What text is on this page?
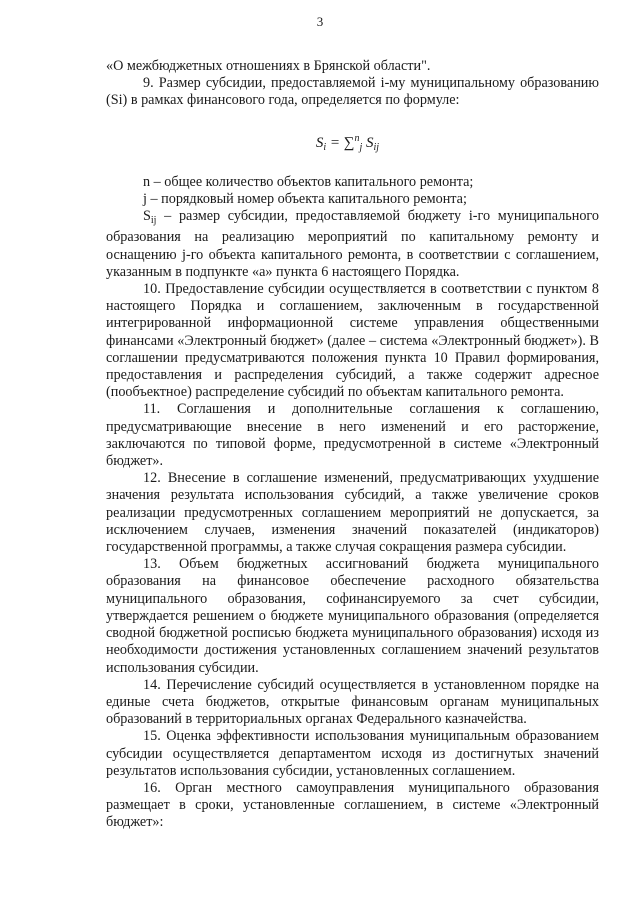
3

«О межбюджетных отношениях в Брянской области".

9. Размер субсидии, предоставляемой i-му муниципальному образованию (Si) в рамках финансового года, определяется по формуле:

$S_i = \sum^n_j$ $S_{ij}$

n – общее количество объектов капитального ремонта;

j – порядковый номер объекта капитального ремонта;

$S_{ij}$ – размер субсидии, предоставляемой бюджету i-го муниципального образования на реализацию мероприятий по капитальному ремонту и оснащению j-го объекта капитального ремонта, в соответствии с соглашением, указанным в подпункте «а» пункта 6 настоящего Порядка.

10. Предоставление субсидии осуществляется в соответствии с пунктом 8 настоящего Порядка и соглашением, заключенным в государственной интегрированной информационной системе управления общественными финансами «Электронный бюджет» (далее – система «Электронный бюджет»). В соглашении предусматриваются положения пункта 10 Правил формирования, предоставления и распределения субсидий, а также содержит адресное (пообъектное) распределение субсидий по объектам капитального ремонта.

11. Соглашения и дополнительные соглашения к соглашению, предусматривающие внесение в него изменений и его расторжение, заключаются по типовой форме, предусмотренной в системе «Электронный бюджет».

12. Внесение в соглашение изменений, предусматривающих ухудшение значения результата использования субсидий, а также увеличение сроков реализации предусмотренных соглашением мероприятий не допускается, за исключением случаев, изменения значений показателей (индикаторов) государственной программы, а также случая сокращения размера субсидии.

13. Объем бюджетных ассигнований бюджета муниципального образования на финансовое обеспечение расходного обязательства муниципального образования, софинансируемого за счет субсидии, утверждается решением о бюджете муниципального образования (определяется сводной бюджетной росписью бюджета муниципального образования) исходя из необходимости достижения установленных соглашением значений результатов использования субсидии.

14. Перечисление субсидий осуществляется в установленном порядке на единые счета бюджетов, открытые финансовым органам муниципальных образований в территориальных органах Федерального казначейства.

15. Оценка эффективности использования муниципальным образованием субсидии осуществляется департаментом исходя из достигнутых значений результатов использования субсидии, установленных соглашением.

16. Орган местного самоуправления муниципального образования размещает в сроки, установленные соглашением, в системе «Электронный бюджет»:
